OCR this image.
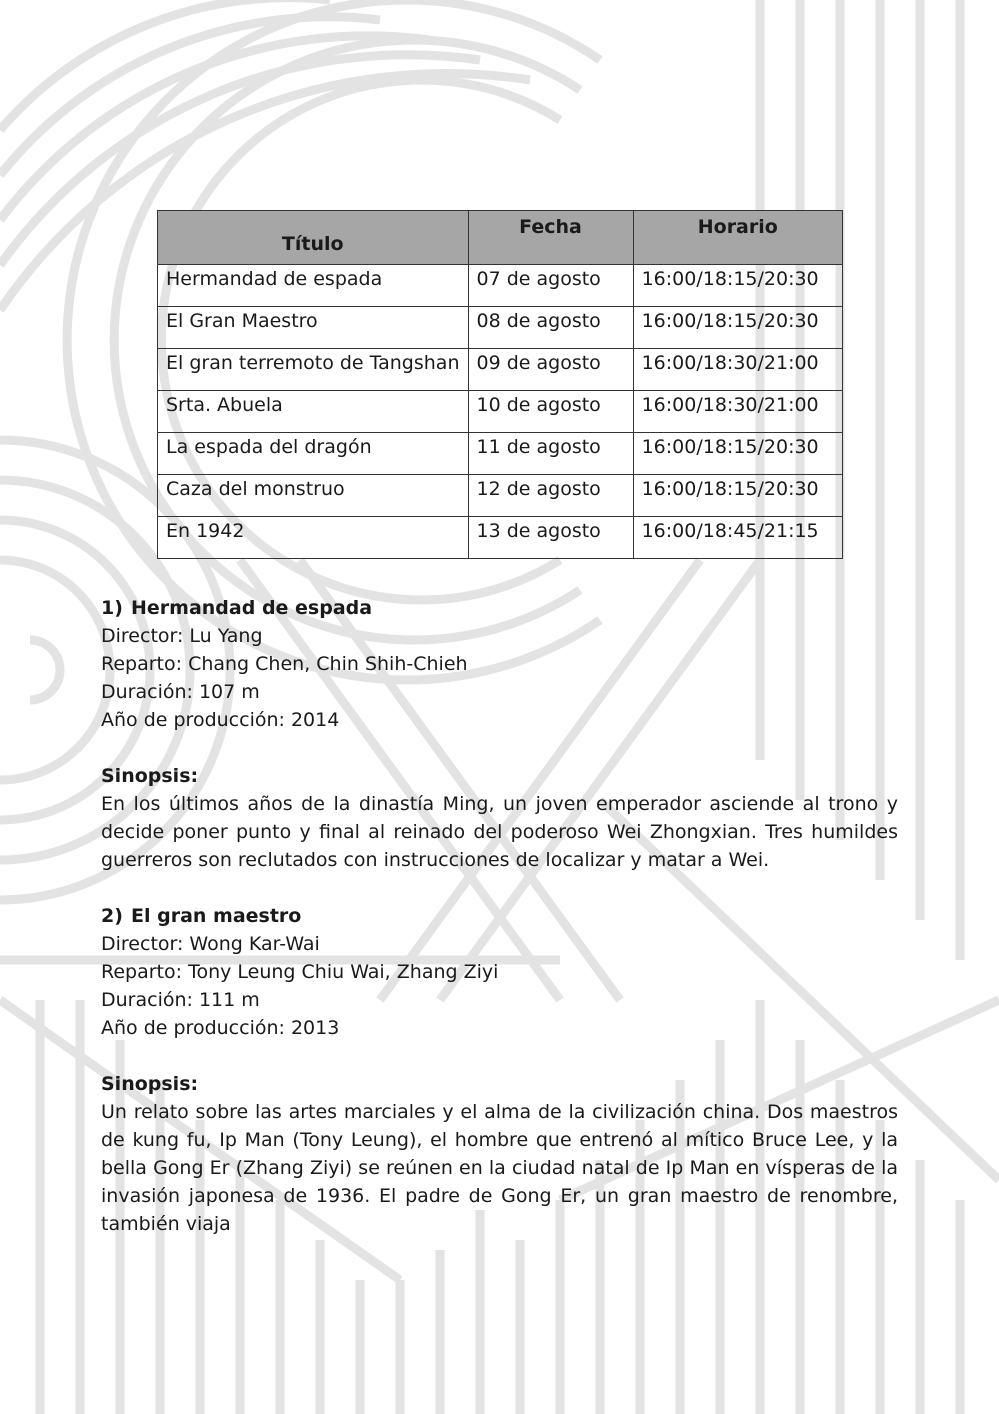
Título	Fecha	Horario
Hermandad de espada	07 de agosto	16:00/18:15/20:30
El Gran Maestro	08 de agosto	16:00/18:15/20:30
El gran terremoto de Tangshan	09 de agosto	16:00/18:30/21:00
Srta. Abuela	10 de agosto	16:00/18:30/21:00
La espada del dragón	11 de agosto	16:00/18:15/20:30
Caza del monstruo	12 de agosto	16:00/18:15/20:30
En 1942	13 de agosto	16:00/18:45/21:15
1) Hermandad de espada
Director: Lu Yang
Reparto: Chang Chen, Chin Shih-Chieh
Duración: 107 m
Año de producción: 2014
Sinopsis:
En los últimos años de la dinastía Ming, un joven emperador asciende al trono y decide poner punto y final al reinado del poderoso Wei Zhongxian. Tres humildes guerreros son reclutados con instrucciones de localizar y matar a Wei.
2) El gran maestro
Director: Wong Kar-Wai
Reparto: Tony Leung Chiu Wai, Zhang Ziyi
Duración: 111 m
Año de producción: 2013
Sinopsis:
Un relato sobre las artes marciales y el alma de la civilización china. Dos maestros de kung fu, Ip Man (Tony Leung), el hombre que entrenó al mítico Bruce Lee, y la bella Gong Er (Zhang Ziyi) se reúnen en la ciudad natal de Ip Man en vísperas de la invasión japonesa de 1936. El padre de Gong Er, un gran maestro de renombre, también viaja
